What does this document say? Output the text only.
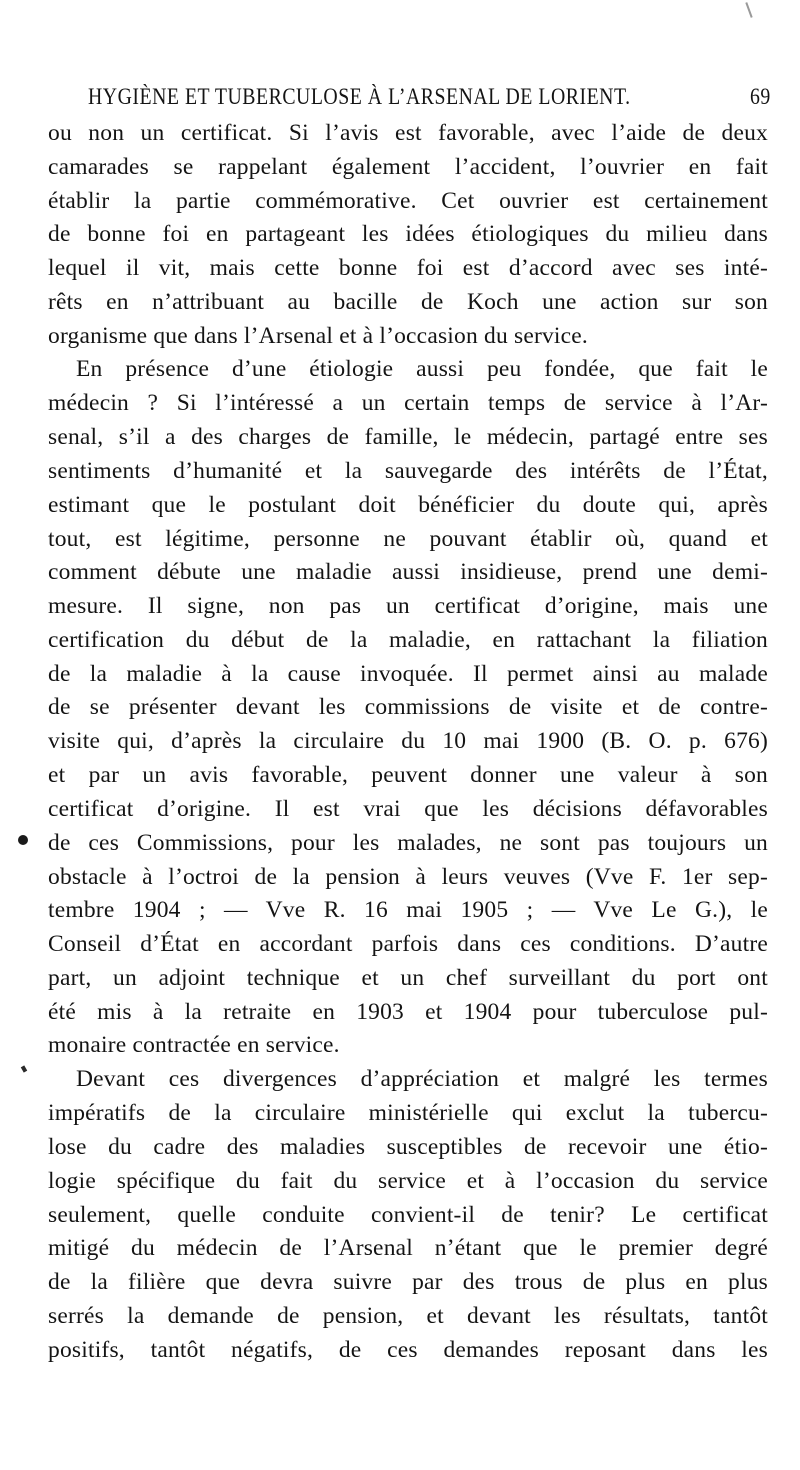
HYGIÈNE ET TUBERCULOSE À L’ARSENAL DE LORIENT.	69
ou non un certificat. Si l’avis est favorable, avec l’aide de deux
camarades se rappelant également l’accident, l’ouvrier en fait
établir la partie commémorative. Cet ouvrier est certainement
de bonne foi en partageant les idées étiologiques du milieu dans
lequel il vit, mais cette bonne foi est d’accord avec ses inté-
rêts en n’attribuant au bacille de Koch une action sur son
organisme que dans l’Arsenal et à l’occasion du service.
En présence d’une étiologie aussi peu fondée, que fait le
médecin ? Si l’intéressé a un certain temps de service à l’Ar-
senal, s’il a des charges de famille, le médecin, partagé entre ses
sentiments d’humanité et la sauvegarde des intérêts de l’État,
estimant que le postulant doit bénéficier du doute qui, après
tout, est légitime, personne ne pouvant établir où, quand et
comment débute une maladie aussi insidieuse, prend une demi-
mesure. Il signe, non pas un certificat d’origine, mais une
certification du début de la maladie, en rattachant la filiation
de la maladie à la cause invoquée. Il permet ainsi au malade
de se présenter devant les commissions de visite et de contre-
visite qui, d’après la circulaire du 10 mai 1900 (B. O. p. 676)
et par un avis favorable, peuvent donner une valeur à son
certificat d’origine. Il est vrai que les décisions défavorables
de ces Commissions, pour les malades, ne sont pas toujours un
obstacle à l’octroi de la pension à leurs veuves (Vve F. 1er sep-
tembre 1904 ; — Vve R. 16 mai 1905 ; — Vve Le G.), le
Conseil d’État en accordant parfois dans ces conditions. D’autre
part, un adjoint technique et un chef surveillant du port ont
été mis à la retraite en 1903 et 1904 pour tuberculose pul-
monaire contractée en service.
Devant ces divergences d’appréciation et malgré les termes
impératifs de la circulaire ministérielle qui exclut la tubercu-
lose du cadre des maladies susceptibles de recevoir une étio-
logie spécifique du fait du service et à l’occasion du service
seulement, quelle conduite convient-il de tenir? Le certificat
mitigé du médecin de l’Arsenal n’étant que le premier degré
de la filière que devra suivre par des trous de plus en plus
serrés la demande de pension, et devant les résultats, tantôt
positifs, tantôt négatifs, de ces demandes reposant dans les
